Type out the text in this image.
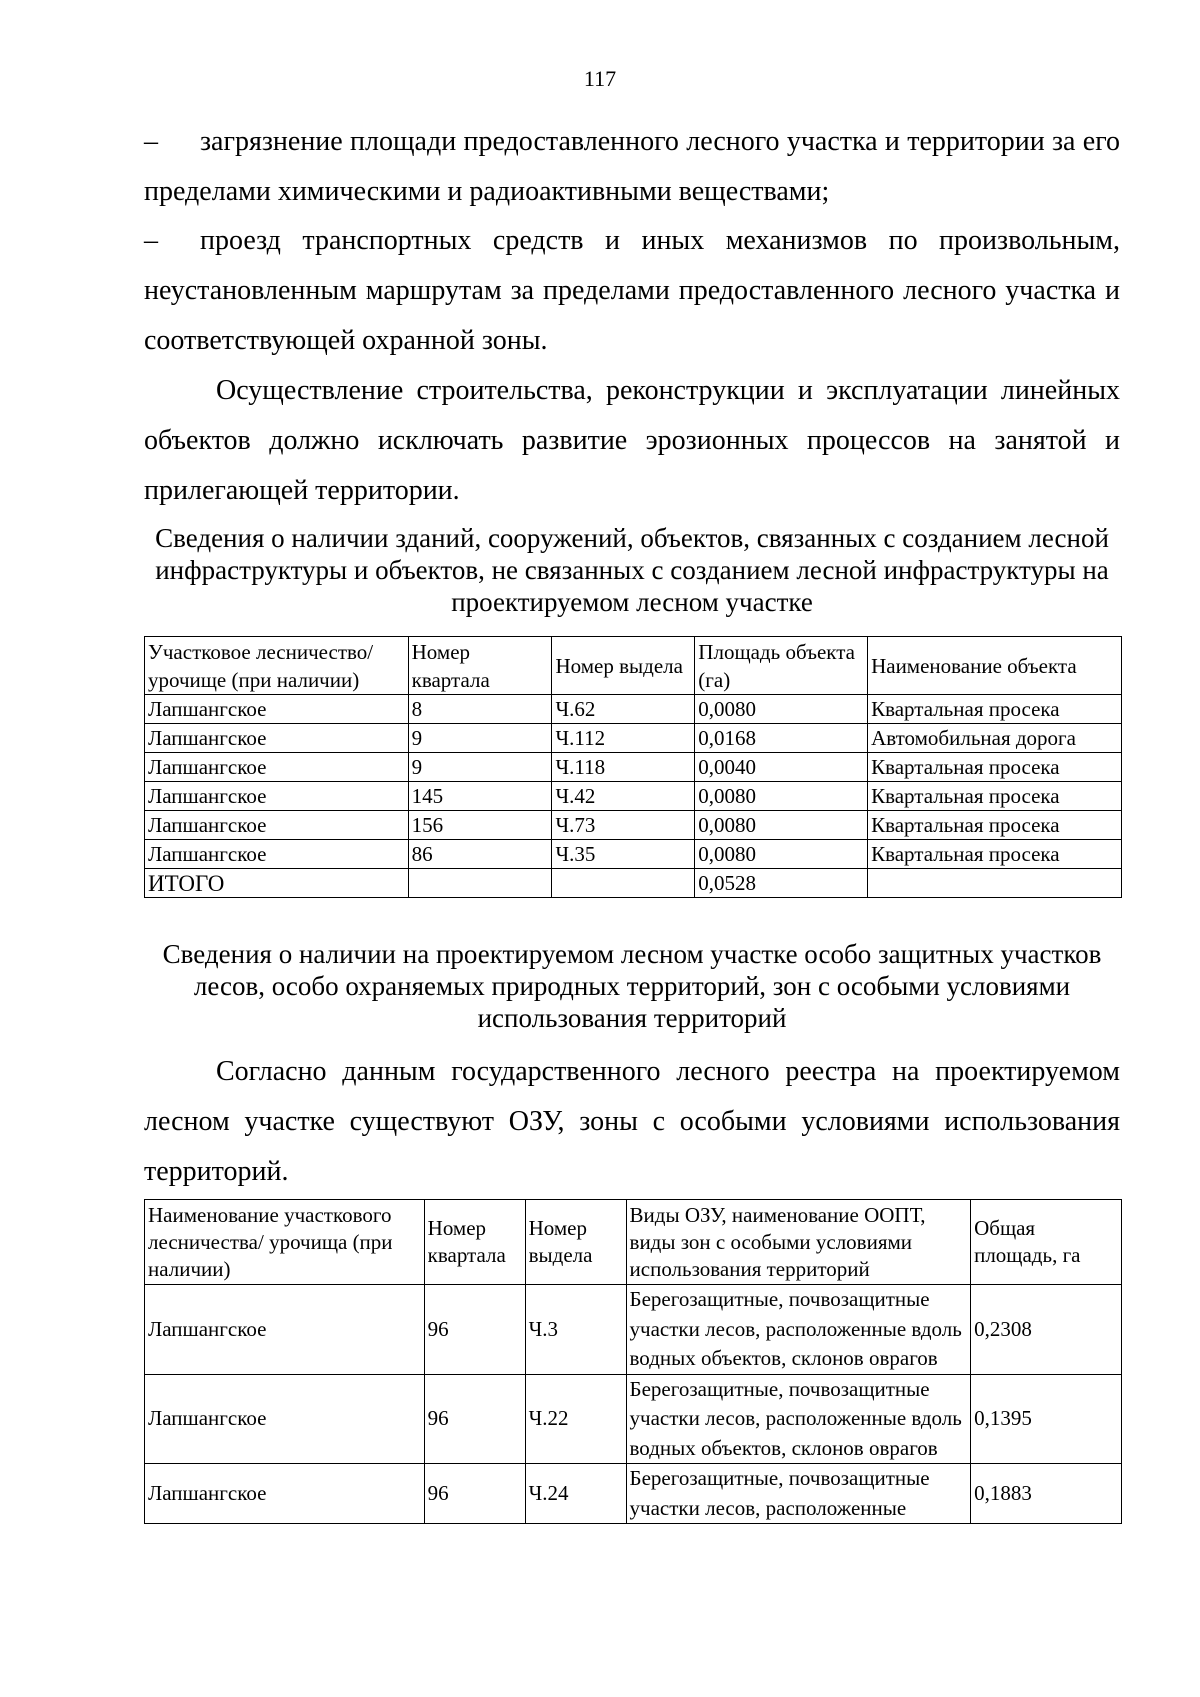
117
– загрязнение площади предоставленного лесного участка и территории за его пределами химическими и радиоактивными веществами;
– проезд транспортных средств и иных механизмов по произвольным, неустановленным маршрутам за пределами предоставленного лесного участка и соответствующей охранной зоны.
Осуществление строительства, реконструкции и эксплуатации линейных объектов должно исключать развитие эрозионных процессов на занятой и прилегающей территории.
Сведения о наличии зданий, сооружений, объектов, связанных с созданием лесной инфраструктуры и объектов, не связанных с созданием лесной инфраструктуры на проектируемом лесном участке
Участковое лесничество/ урочище (при наличии)	Номер квартала	Номер выдела	Площадь объекта (га)	Наименование объекта
Лапшангское	8	Ч.62	0,0080	Квартальная просека
Лапшангское	9	Ч.112	0,0168	Автомобильная дорога
Лапшангское	9	Ч.118	0,0040	Квартальная просека
Лапшангское	145	Ч.42	0,0080	Квартальная просека
Лапшангское	156	Ч.73	0,0080	Квартальная просека
Лапшангское	86	Ч.35	0,0080	Квартальная просека
ИТОГО			0,0528	
Сведения о наличии на проектируемом лесном участке особо защитных участков лесов, особо охраняемых природных территорий, зон с особыми условиями использования территорий
Согласно данным государственного лесного реестра на проектируемом лесном участке существуют ОЗУ, зоны с особыми условиями использования территорий.
Наименование участкового лесничества/ урочища (при наличии)	Номер квартала	Номер выдела	Виды ОЗУ, наименование ООПТ, виды зон с особыми условиями использования территорий	Общая площадь, га
Лапшангское	96	Ч.3	Берегозащитные, почвозащитные участки лесов, расположенные вдоль водных объектов, склонов оврагов	0,2308
Лапшангское	96	Ч.22	Берегозащитные, почвозащитные участки лесов, расположенные вдоль водных объектов, склонов оврагов	0,1395
Лапшангское	96	Ч.24	Берегозащитные, почвозащитные участки лесов, расположенные	0,1883
